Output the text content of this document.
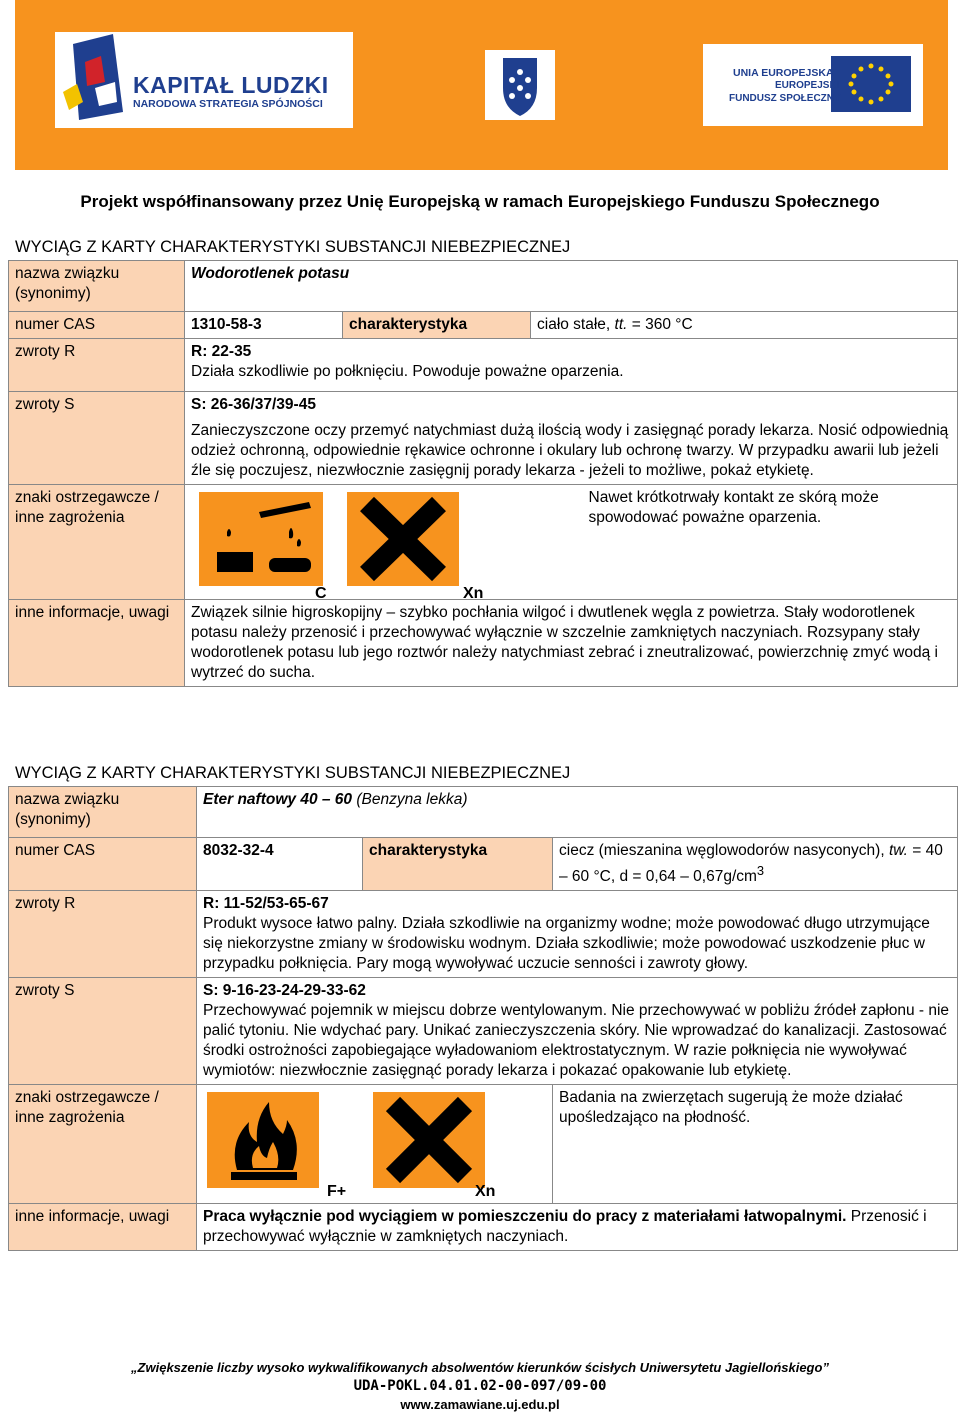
KAPITAŁ LUDZKI
NARODOWA STRATEGIA SPÓJNOŚCI
UNIA EUROPEJSKA
EUROPEJSKI
FUNDUSZ SPOŁECZNY
Projekt współfinansowany przez Unię Europejską w ramach Europejskiego Funduszu Społecznego
WYCIĄG Z KARTY CHARAKTERYSTYKI SUBSTANCJI NIEBEZPIECZNEJ
nazwa związku (synonimy)	Wodorotlenek potasu		
numer CAS	1310-58-3	charakterystyka	ciało stałe, tt. = 360 °C
zwroty R	R: 22-35
Działa szkodliwie po połknięciu. Powoduje poważne oparzenia.		

zwroty S	S: 26-36/37/39-45
Zanieczyszczone oczy przemyć natychmiast dużą ilością wody i zasięgnąć porady lekarza. Nosić odpowiednią odzież ochronną, odpowiednie rękawice ochronne i okulary lub ochronę twarzy. W przypadku awarii lub jeżeli źle się poczujesz, niezwłocznie zasięgnij porady lekarza - jeżeli to możliwe, pokaż etykietę.		

znaki ostrzegawcze / inne zagrożenia	C Xn		Nawet krótkotrwały kontakt ze skórą może spowodować poważne oparzenia.
inne informacje, uwagi	Związek silnie higroskopijny – szybko pochłania wilgoć i dwutlenek węgla z powietrza. Stały wodorotlenek potasu należy przenosić i przechowywać wyłącznie w szczelnie zamkniętych naczyniach. Rozsypany stały wodorotlenek potasu lub jego roztwór należy natychmiast zebrać i zneutralizować, powierzchnię zmyć wodą i wytrzeć do sucha.		
WYCIĄG Z KARTY CHARAKTERYSTYKI SUBSTANCJI NIEBEZPIECZNEJ
nazwa związku (synonimy)	Eter naftowy 40 – 60 (Benzyna lekka)		
numer CAS	8032-32-4	charakterystyka	ciecz (mieszanina węglowodorów nasyconych), tw. = 40 – 60 °C, $d = 0,64 - 0,67g/cm^3$
zwroty R	R: 11-52/53-65-67
Produkt wysoce łatwo palny. Działa szkodliwie na organizmy wodne; może powodować długo utrzymujące się niekorzystne zmiany w środowisku wodnym. Działa szkodliwie; może powodować uszkodzenie płuc w przypadku połknięcia. Pary mogą wywoływać uczucie senności i zawroty głowy.		

zwroty S	S: 9-16-23-24-29-33-62
Przechowywać pojemnik w miejscu dobrze wentylowanym. Nie przechowywać w pobliżu źródeł zapłonu - nie palić tytoniu. Nie wdychać pary. Unikać zanieczyszczenia skóry. Nie wprowadzać do kanalizacji. Zastosować środki ostrożności zapobiegające wyładowaniom elektrostatycznym. W razie połknięcia nie wywoływać wymiotów: niezwłocznie zasięgnąć porady lekarza i pokazać opakowanie lub etykietę.		

znaki ostrzegawcze / inne zagrożenia	F+ Xn		Badania na zwierzętach sugerują że może działać upośledzająco na płodność.
inne informacje, uwagi	Praca wyłącznie pod wyciągiem w pomieszczeniu do pracy z materiałami łatwopalnymi. Przenosić i przechowywać wyłącznie w zamkniętych naczyniach.		
„Zwiększenie liczby wysoko wykwalifikowanych absolwentów kierunków ścisłych Uniwersytetu Jagiellońskiego”
UDA-POKL.04.01.02-00-097/09-00
www.zamawiane.uj.edu.pl
